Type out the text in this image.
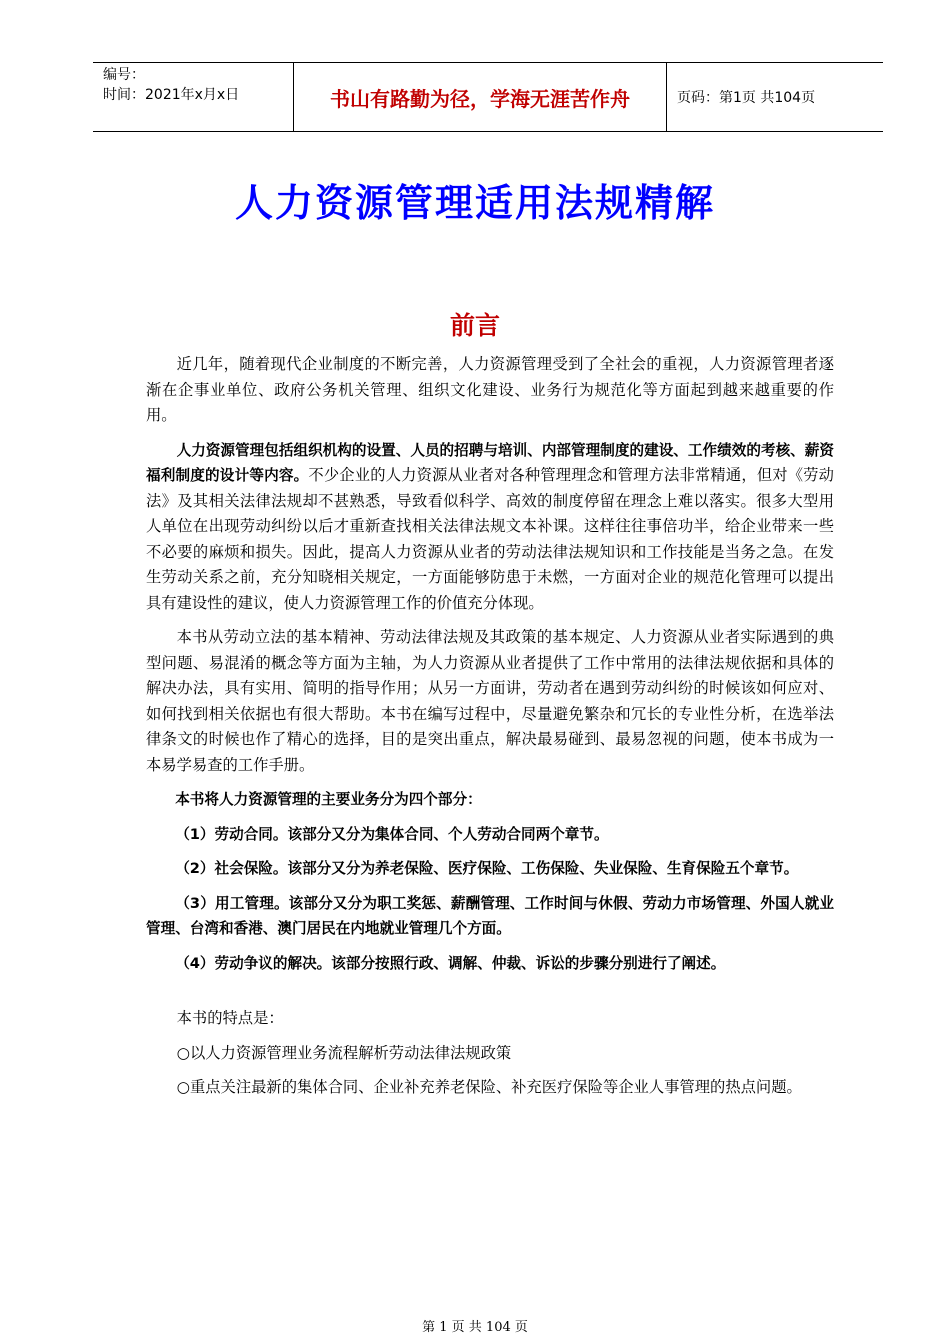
编号：
时间：2021年x月x日	书山有路勤为径，学海无涯苦作舟	页码：第1页 共104页
人力资源管理适用法规精解
前言

近几年，随着现代企业制度的不断完善，人力资源管理受到了全社会的重视，人力资源管理者逐渐在企事业单位、政府公务机关管理、组织文化建设、业务行为规范化等方面起到越来越重要的作用。

人力资源管理包括组织机构的设置、人员的招聘与培训、内部管理制度的建设、工作绩效的考核、薪资福利制度的设计等内容。不少企业的人力资源从业者对各种管理理念和管理方法非常精通，但对《劳动法》及其相关法律法规却不甚熟悉，导致看似科学、高效的制度停留在理念上难以落实。很多大型用人单位在出现劳动纠纷以后才重新查找相关法律法规文本补课。这样往往事倍功半，给企业带来一些不必要的麻烦和损失。因此，提高人力资源从业者的劳动法律法规知识和工作技能是当务之急。在发生劳动关系之前，充分知晓相关规定，一方面能够防患于未燃，一方面对企业的规范化管理可以提出具有建设性的建议，使人力资源管理工作的价值充分体现。

本书从劳动立法的基本精神、劳动法律法规及其政策的基本规定、人力资源从业者实际遇到的典型问题、易混淆的概念等方面为主轴，为人力资源从业者提供了工作中常用的法律法规依据和具体的解决办法，具有实用、简明的指导作用；从另一方面讲，劳动者在遇到劳动纠纷的时候该如何应对、如何找到相关依据也有很大帮助。本书在编写过程中，尽量避免繁杂和冗长的专业性分析，在选举法律条文的时候也作了精心的选择，目的是突出重点，解决最易碰到、最易忽视的问题，使本书成为一本易学易查的工作手册。

本书将人力资源管理的主要业务分为四个部分：

（1）劳动合同。该部分又分为集体合同、个人劳动合同两个章节。

（2）社会保险。该部分又分为养老保险、医疗保险、工伤保险、失业保险、生育保险五个章节。

（3）用工管理。该部分又分为职工奖惩、薪酬管理、工作时间与休假、劳动力市场管理、外国人就业管理、台湾和香港、澳门居民在内地就业管理几个方面。

（4）劳动争议的解决。该部分按照行政、调解、仲裁、诉讼的步骤分别进行了阐述。

本书的特点是：

○以人力资源管理业务流程解析劳动法律法规政策

○重点关注最新的集体合同、企业补充养老保险、补充医疗保险等企业人事管理的热点问题。

第 1 页 共 104 页
